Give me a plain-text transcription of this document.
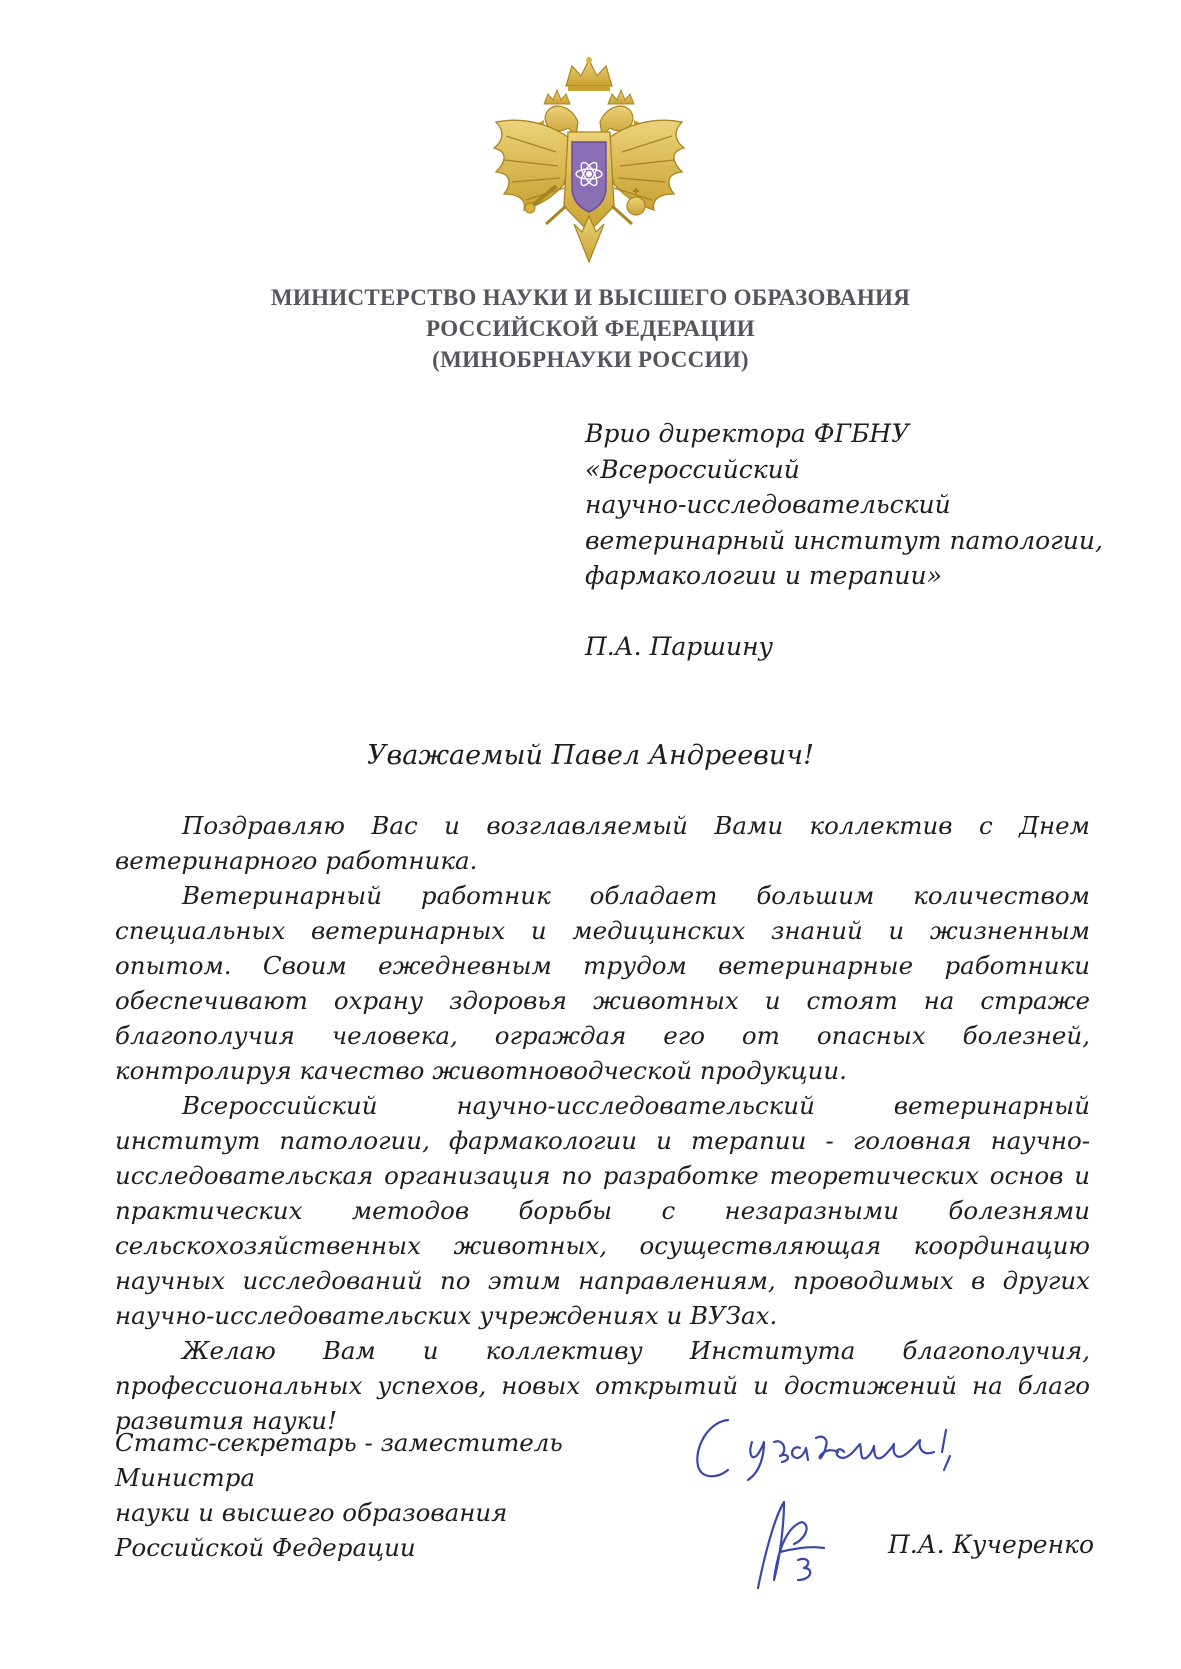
МИНИСТЕРСТВО НАУКИ И ВЫСШЕГО ОБРАЗОВАНИЯ
РОССИЙСКОЙ ФЕДЕРАЦИИ
(МИНОБРНАУКИ РОССИИ)
Врио директора ФГБНУ
«Всероссийский
научно-исследовательский
ветеринарный институт патологии,
фармакологии и терапии»
П.А. Паршину
Уважаемый Павел Андреевич!

Поздравляю Вас и возглавляемый Вами коллектив с Днем ветеринарного работника.

Ветеринарный работник обладает большим количеством специальных ветеринарных и медицинских знаний и жизненным опытом. Своим ежедневным трудом ветеринарные работники обеспечивают охрану здоровья животных и стоят на страже благополучия человека, ограждая его от опасных болезней, контролируя качество животноводческой продукции.

Всероссийский научно-исследовательский ветеринарный институт патологии, фармакологии и терапии - головная научно-исследовательская организация по разработке теоретических основ и практических методов борьбы с незаразными болезнями сельскохозяйственных животных, осуществляющая координацию научных исследований по этим направлениям, проводимых в других научно-исследовательских учреждениях и ВУЗах.

Желаю Вам и коллективу Института благополучия, профессиональных успехов, новых открытий и достижений на благо развития науки!

Статс-секретарь - заместитель Министра
науки и высшего образования
Российской Федерации	П.А. Кучеренко
